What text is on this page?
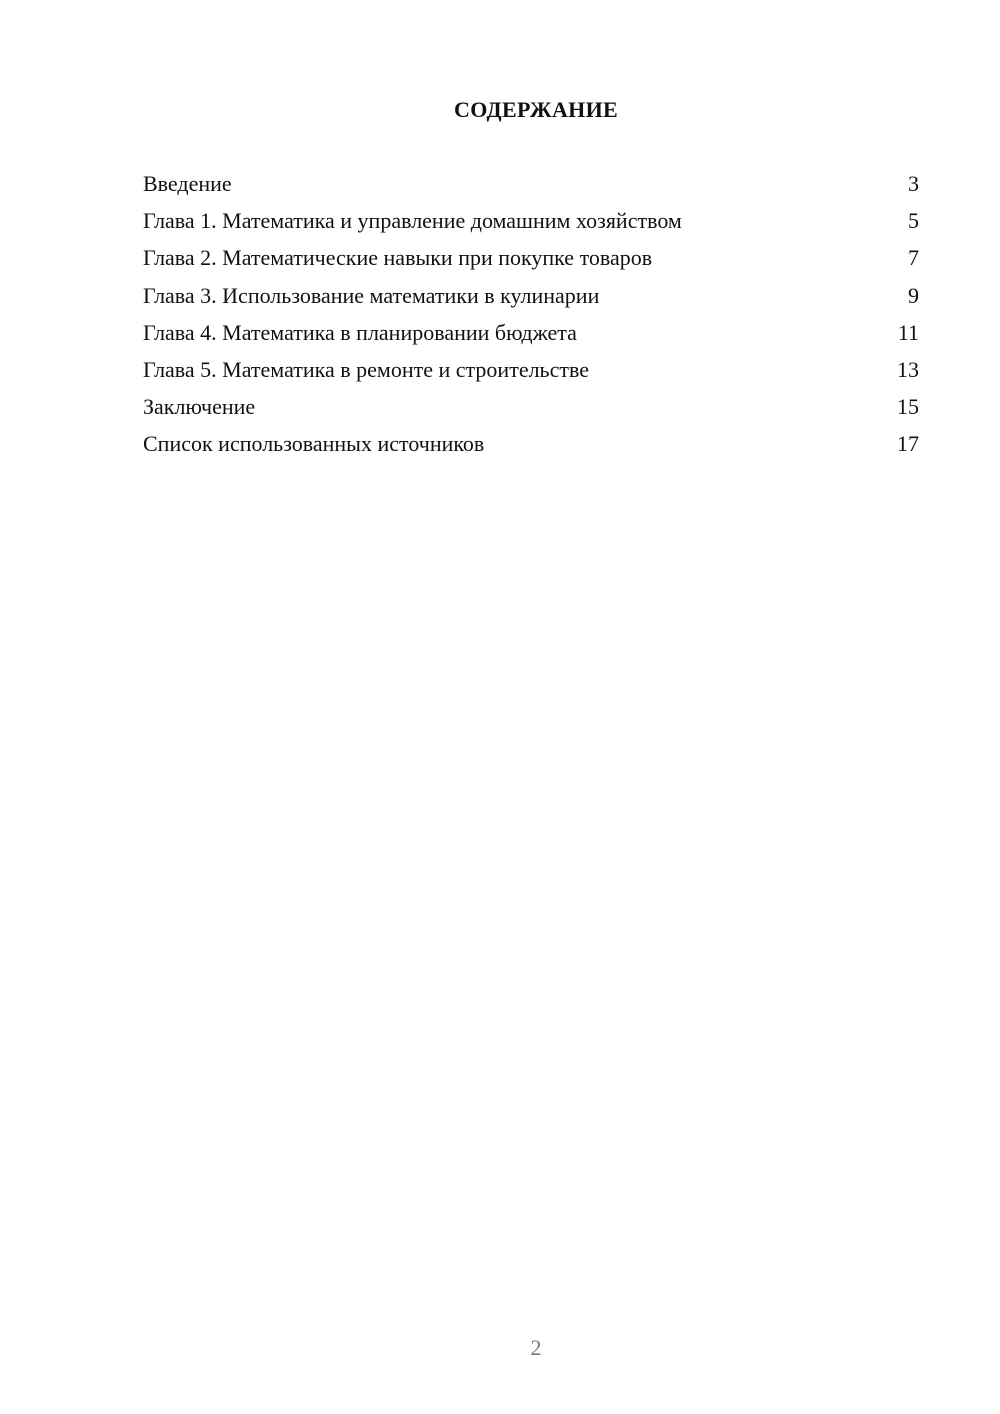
СОДЕРЖАНИЕ
Введение	3
Глава 1. Математика и управление домашним хозяйством	5
Глава 2. Математические навыки при покупке товаров	7
Глава 3. Использование математики в кулинарии	9
Глава 4. Математика в планировании бюджета	11
Глава 5. Математика в ремонте и строительстве	13
Заключение	15
Список использованных источников	17
2
